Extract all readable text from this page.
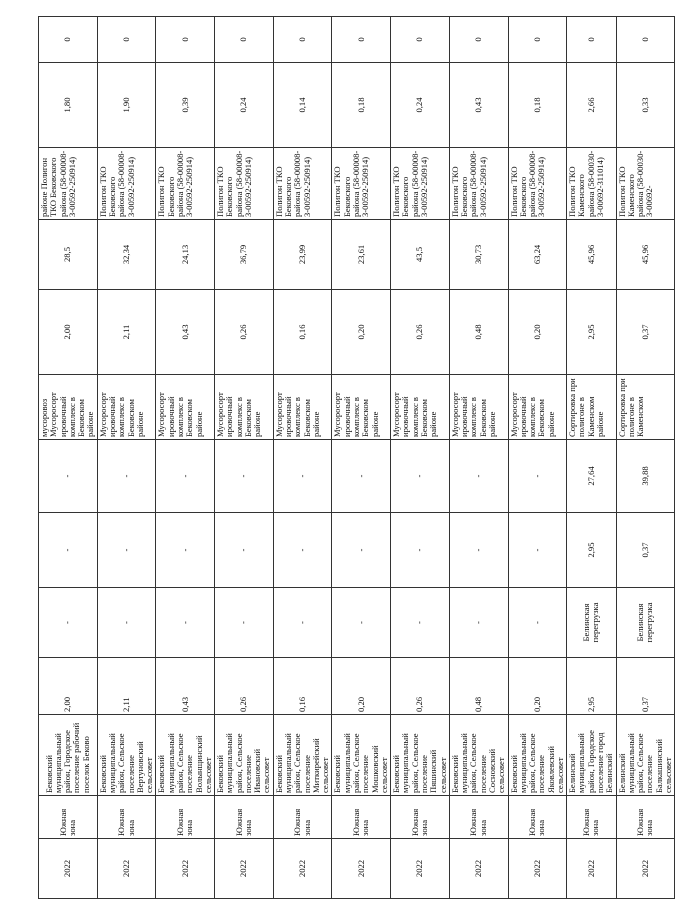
2022	Южная зона	Бековский муниципальный район, Городское поселение рабочий поселок Беково	2,00	-	-	-	мусоровоз Мусоросорт ировочный комплекс в Бековском районе	2,00	28,5	районе Полигон ТКО Бековского района (58-00008-З-00592-250914)	1,80	0

2022	Южная зона	Бековский муниципальный район, Сельское поселение Вертуновский сельсовет	2,11	-	-	-	Мусоросорт ировочный комплекс в Бековском районе	2,11	32,34	Полигон ТКО Бековского района (58-00008-З-00592-250914)	1,90	0

2022	Южная зона	Бековский муниципальный район, Сельское поселение Волынщинский сельсовет	0,43	-	-	-	Мусоросорт ировочный комплекс в Бековском районе	0,43	24,13	Полигон ТКО Бековского района (58-00008-З-00592-250914)	0,39	0

2022	Южная зона	Бековский муниципальный район, Сельское поселение Ивановский сельсовет	0,26	-	-	-	Мусоросорт ировочный комплекс в Бековском районе	0,26	36,79	Полигон ТКО Бековского района (58-00008-З-00592-250914)	0,24	0

2022	Южная зона	Бековский муниципальный район, Сельское поселение Миткирейский сельсовет	0,16	-	-	-	Мусоросорт ировочный комплекс в Бековском районе	0,16	23,99	Полигон ТКО Бековского района (58-00008-З-00592-250914)	0,14	0

2022	Южная зона	Бековский муниципальный район, Сельское поселение Мошковский сельсовет	0,20	-	-	-	Мусоросорт ировочный комплекс в Бековском районе	0,20	23,61	Полигон ТКО Бековского района (58-00008-З-00592-250914)	0,18	0

2022	Южная зона	Бековский муниципальный район, Сельское поселение Пяшинский сельсовет	0,26	-	-	-	Мусоросорт ировочный комплекс в Бековском районе	0,26	43,5	Полигон ТКО Бековского района (58-00008-З-00592-250914)	0,24	0

2022	Южная зона	Бековский муниципальный район, Сельское поселение Сосновский сельсовет	0,48	-	-	-	Мусоросорт ировочный комплекс в Бековском районе	0,48	30,73	Полигон ТКО Бековского района (58-00008-З-00592-250914)	0,43	0

2022	Южная зона	Бековский муниципальный район, Сельское поселение Яковлевский сельсовет	0,20	-	-	-	Мусоросорт ировочный комплекс в Бековском районе	0,20	63,24	Полигон ТКО Бековского района (58-00008-З-00592-250914)	0,18	0

2022	Южная зона	Белинский муниципальный район, Городское поселение город Белинский	2,95	Белинская перегрузка	2,95	27,64	Сортировка при полигоне в Каменском районе	2,95	45,96	Полигон ТКО Каменского района (58-00030-З-00692-311014)	2,66	0

2022	Южная зона	Белинский муниципальный район, Сельское поселение Балкашинский сельсовет	0,37	Белинская перегрузка	0,37	39,88	Сортировка при полигоне в Каменском	0,37	45,96	Полигон ТКО Каменского района (58-00030-З-00692-	0,33	0
